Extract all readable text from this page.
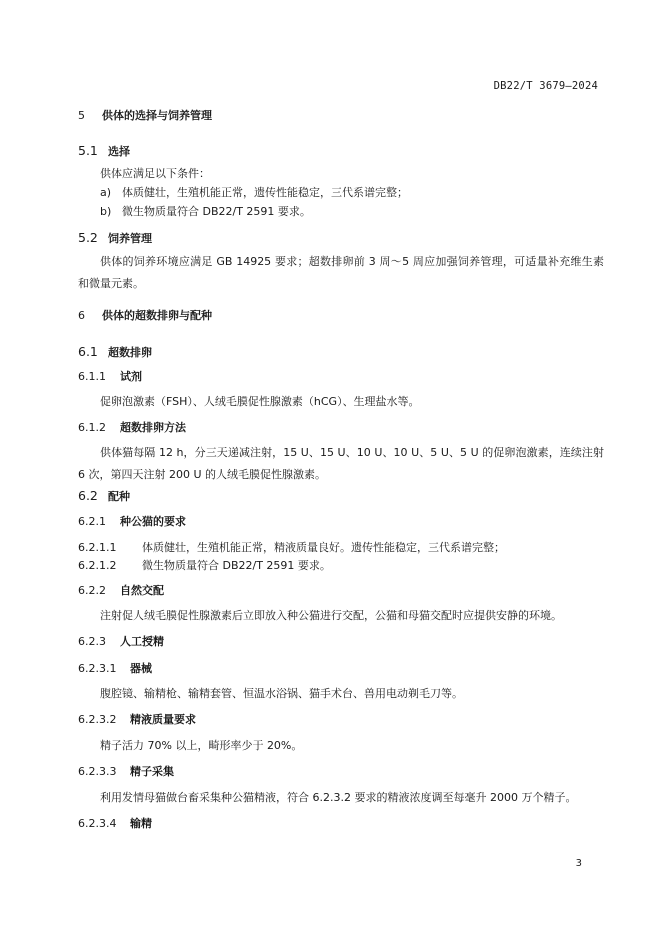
DB22/T 3679—2024
5 供体的选择与饲养管理
5.1 选择
供体应满足以下条件：
a) 体质健壮，生殖机能正常，遗传性能稳定，三代系谱完整；
b) 微生物质量符合 DB22/T 2591 要求。
5.2 饲养管理
供体的饲养环境应满足 GB 14925 要求；超数排卵前 3 周～5 周应加强饲养管理，可适量补充维生素和微量元素。
6 供体的超数排卵与配种
6.1 超数排卵
6.1.1 试剂
促卵泡激素（FSH）、人绒毛膜促性腺激素（hCG）、生理盐水等。
6.1.2 超数排卵方法
供体猫每隔 12 h，分三天递减注射，15 U、15 U、10 U、10 U、5 U、5 U 的促卵泡激素，连续注射 6 次，第四天注射 200 U 的人绒毛膜促性腺激素。
6.2 配种
6.2.1 种公猫的要求
6.2.1.1 体质健壮，生殖机能正常，精液质量良好。遗传性能稳定，三代系谱完整；
6.2.1.2 微生物质量符合 DB22/T 2591 要求。
6.2.2 自然交配
注射促人绒毛膜促性腺激素后立即放入种公猫进行交配，公猫和母猫交配时应提供安静的环境。
6.2.3 人工授精
6.2.3.1 器械
腹腔镜、输精枪、输精套管、恒温水浴锅、猫手术台、兽用电动剃毛刀等。
6.2.3.2 精液质量要求
精子活力 70% 以上，畸形率少于 20%。
6.2.3.3 精子采集
利用发情母猫做台畜采集种公猫精液，符合 6.2.3.2 要求的精液浓度调至每毫升 2000 万个精子。
6.2.3.4 输精
3
